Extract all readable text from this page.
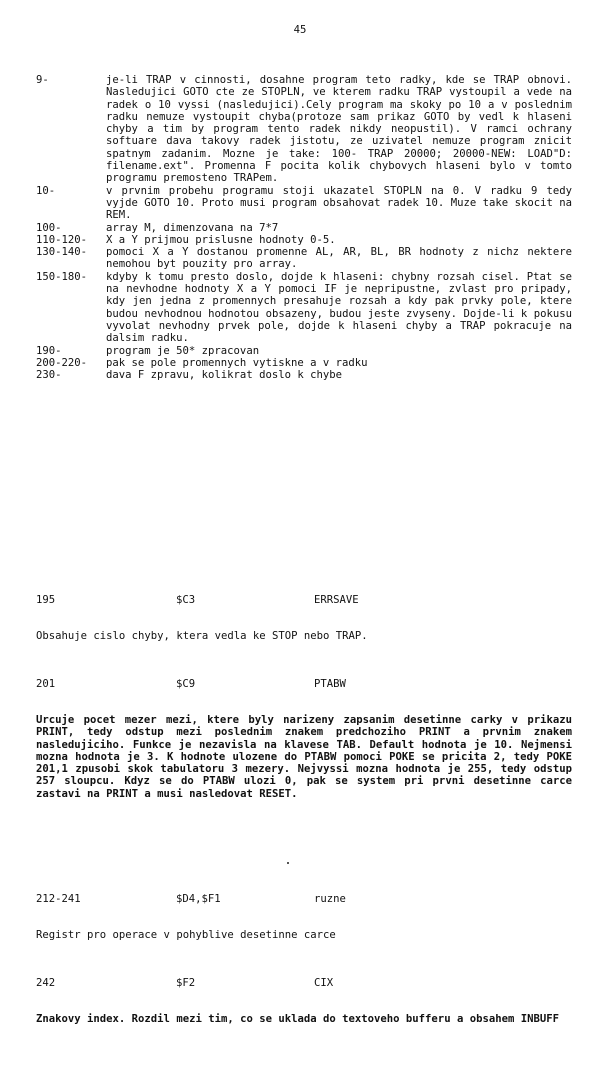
45
9-	je-li TRAP v cinnosti, dosahne program teto radky, kde se TRAP obnovi. Nasledujici GOTO cte ze STOPLN, ve kterem radku TRAP vystoupil a vede na radek o 10 vyssi (nasledujici).Cely program ma skoky po 10 a v poslednim radku nemuze vystoupit chyba(protoze sam prikaz GOTO by vedl k hlaseni chyby a tim by program tento radek nikdy neopustil). V ramci ochrany softuare dava takovy radek jistotu, ze uzivatel nemuze program znicit spatnym zadanim. Mozne je take: 100- TRAP 20000; 20000-NEW: LOAD"D: filename.ext". Promenna F pocita kolik chybovych hlaseni bylo v tomto programu premosteno TRAPem.
10-	v prvnim probehu programu stoji ukazatel STOPLN na 0. V radku 9 tedy vyjde GOTO 10. Proto musi program obsahovat radek 10. Muze take skocit na REM.
100-	array M, dimenzovana na 7*7
110-120-	X a Y prijmou prislusne hodnoty 0-5.
130-140-	pomoci X a Y dostanou promenne AL, AR, BL, BR hodnoty z nichz nektere nemohou byt pouzity pro array.
150-180-	kdyby k tomu presto doslo, dojde k hlaseni: chybny rozsah cisel. Ptat se na nevhodne hodnoty X a Y pomoci IF je nepripustne, zvlast pro pripady, kdy jen jedna z promennych presahuje rozsah a kdy pak prvky pole, ktere budou nevhodnou hodnotou obsazeny, budou jeste zvyseny. Dojde-li k pokusu vyvolat nevhodny prvek pole, dojde k hlaseni chyby a TRAP pokracuje na dalsim radku.
190-	program je 50* zpracovan
200-220-	pak se pole promennych vytiskne a v radku
230-	dava F zpravu, kolikrat doslo k chybe
195	$C3	ERRSAVE
Obsahuje cislo chyby, ktera vedla ke STOP nebo TRAP.
201	$C9	PTABW
Urcuje pocet mezer mezi, ktere byly narizeny zapsanim desetinne carky v prikazu PRINT, tedy odstup mezi poslednim znakem predchoziho PRINT a prvnim znakem nasledujiciho. Funkce je nezavisla na klavese TAB. Default hodnota je 10. Nejmensi mozna hodnota je 3. K hodnote ulozene do PTABW pomoci POKE se pricita 2, tedy POKE 201,1 zpusobi skok tabulatoru 3 mezery. Nejvyssi mozna hodnota je 255, tedy odstup 257 sloupcu. Kdyz se do PTABW ulozi 0, pak se system pri prvni desetinne carce zastavi na PRINT a musi nasledovat RESET.
212-241	$D4,$F1	ruzne
Registr pro operace v pohyblive desetinne carce
242	$F2	CIX
Znakovy index. Rozdil mezi tim, co se uklada do textoveho bufferu a obsahem INBUFF
